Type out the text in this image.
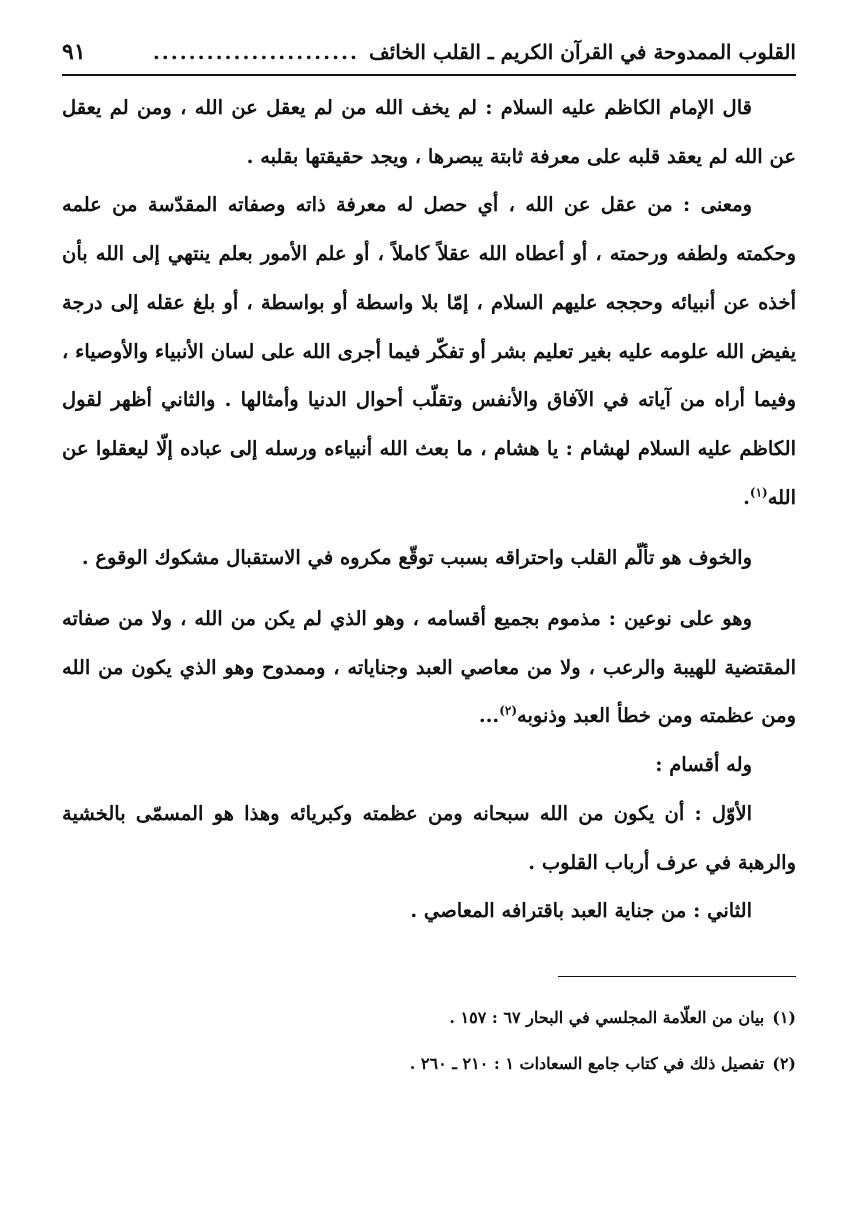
القلوب الممدوحة في القرآن الكريم ـ القلب الخائف
.......................
٩١

قال الإمام الكاظم عليه السلام : لم يخف الله من لم يعقل عن الله ، ومن لم يعقل عن الله لم يعقد قلبه على معرفة ثابتة يبصرها ، ويجد حقيقتها بقلبه .

ومعنى : من عقل عن الله ، أي حصل له معرفة ذاته وصفاته المقدّسة من علمه وحكمته ولطفه ورحمته ، أو أعطاه الله عقلاً كاملاً ، أو علم الأمور بعلم ينتهي إلى الله بأن أخذه عن أنبيائه وحججه عليهم السلام ، إمّا بلا واسطة أو بواسطة ، أو بلغ عقله إلى درجة يفيض الله علومه عليه بغير تعليم بشر أو تفكّر فيما أجرى الله على لسان الأنبياء والأوصياء ، وفيما أراه من آياته في الآفاق والأنفس وتقلّب أحوال الدنيا وأمثالها . والثاني أظهر لقول الكاظم عليه السلام لهشام : يا هشام ، ما بعث الله أنبياءه ورسله إلى عباده إلّا ليعقلوا عن الله$^{(١)}$.

والخوف هو تألّم القلب واحتراقه بسبب توقّع مكروه في الاستقبال مشكوك الوقوع .

وهو على نوعين : مذموم بجميع أقسامه ، وهو الذي لم يكن من الله ، ولا من صفاته المقتضية للهيبة والرعب ، ولا من معاصي العبد وجناياته ، وممدوح وهو الذي يكون من الله ومن عظمته ومن خطأ العبد وذنوبه$^{(٢)}$...

وله أقسام :

الأوّل : أن يكون من الله سبحانه ومن عظمته وكبريائه وهذا هو المسمّى بالخشية والرهبة في عرف أرباب القلوب .

الثاني : من جناية العبد باقترافه المعاصي .

(١)بيان من العلّامة المجلسي في البحار ٦٧ : ١٥٧ .

(٢)تفصيل ذلك في كتاب جامع السعادات ١ : ٢١٠ ـ ٢٦٠ .
